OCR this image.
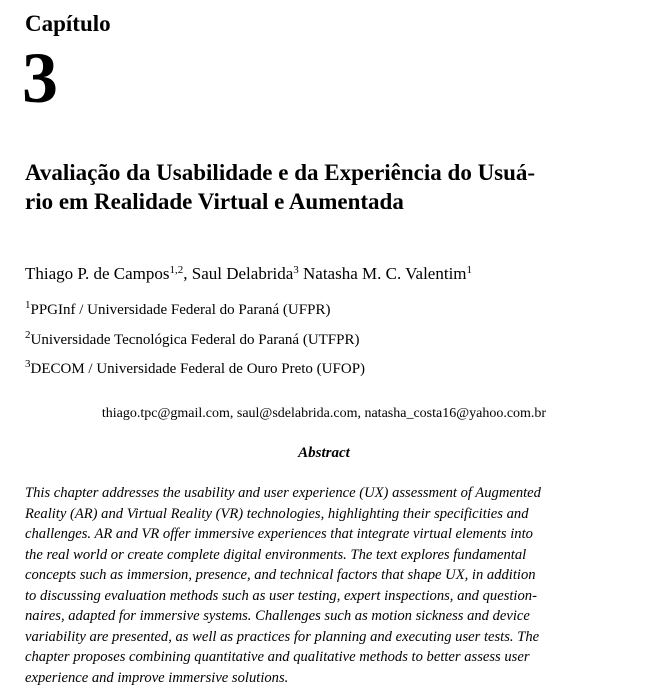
Capítulo
3
Avaliação da Usabilidade e da Experiência do Usuá-
rio em Realidade Virtual e Aumentada
Thiago P. de Campos$^{1,2}$, Saul Delabrida$^3$ Natasha M. C. Valentim$^1$
$^1$PPGInf / Universidade Federal do Paraná (UFPR)
$^2$Universidade Tecnológica Federal do Paraná (UTFPR)
$^3$DECOM / Universidade Federal de Ouro Preto (UFOP)
thiago.tpc@gmail.com, saul@sdelabrida.com, natasha_costa16@yahoo.com.br
Abstract
This chapter addresses the usability and user experience (UX) assessment of Augmented
Reality (AR) and Virtual Reality (VR) technologies, highlighting their specificities and
challenges. AR and VR offer immersive experiences that integrate virtual elements into
the real world or create complete digital environments. The text explores fundamental
concepts such as immersion, presence, and technical factors that shape UX, in addition
to discussing evaluation methods such as user testing, expert inspections, and question-
naires, adapted for immersive systems. Challenges such as motion sickness and device
variability are presented, as well as practices for planning and executing user tests. The
chapter proposes combining quantitative and qualitative methods to better assess user
experience and improve immersive solutions.
